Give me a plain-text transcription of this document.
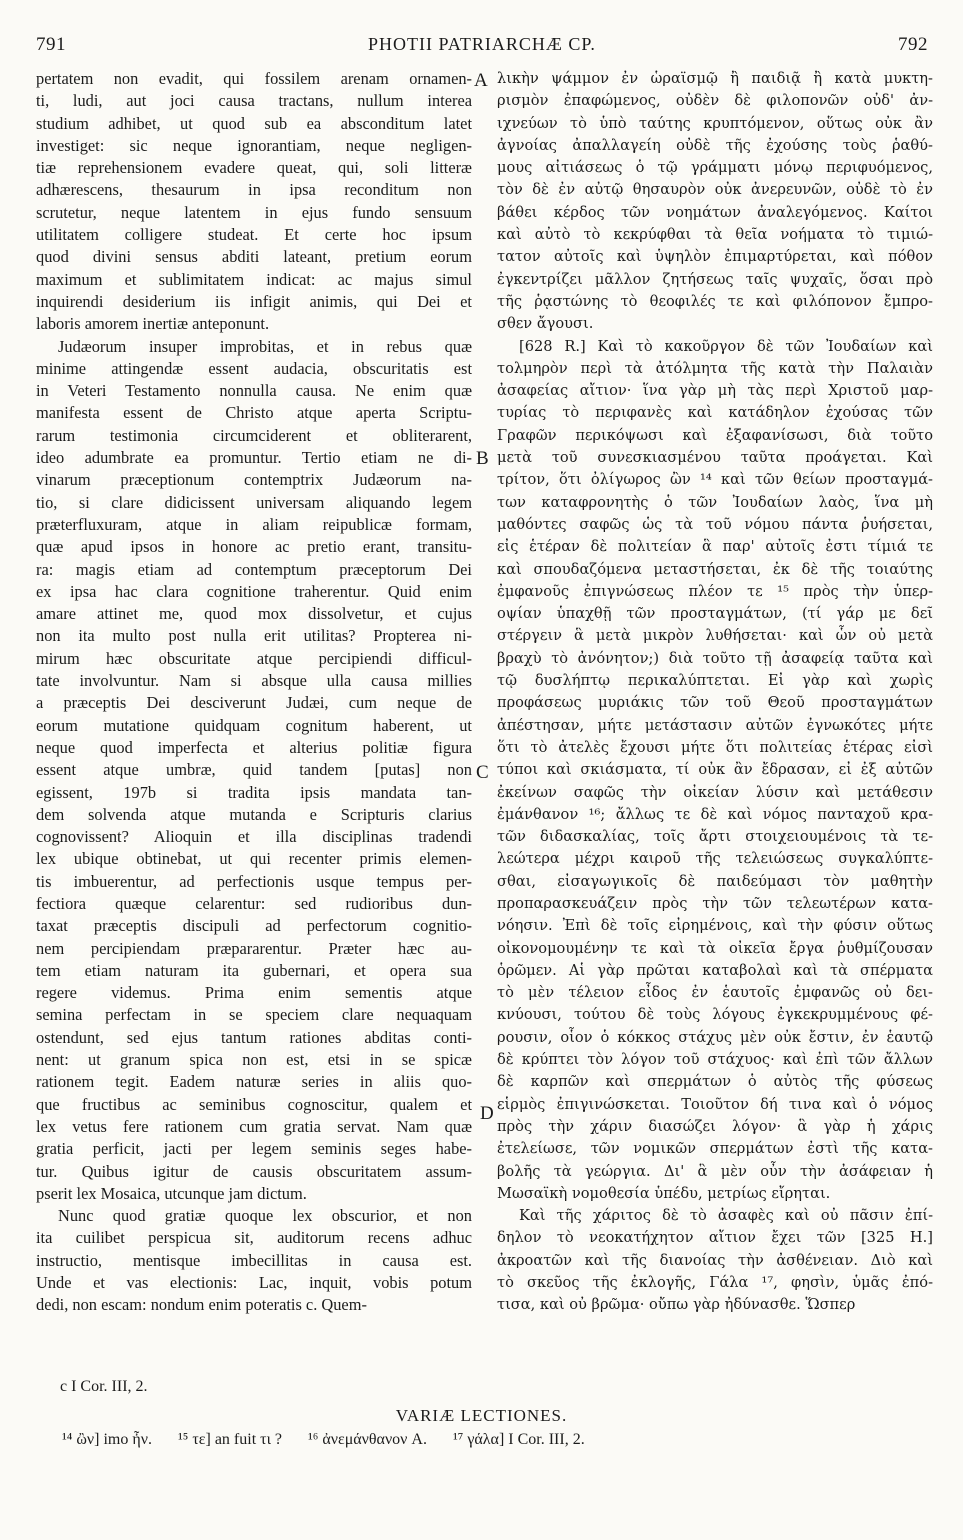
791	PHOTII PATRIARCHÆ CP.	792
pertatem non evadit, qui fossilem arenam ornamen-
ti, ludi, aut joci causa tractans, nullum interea
studium adhibet, ut quod sub ea absconditum latet
investiget: sic neque ignorantiam, neque negligen-
tiæ reprehensionem evadere queat, qui, soli litteræ
adhærescens, thesaurum in ipsa reconditum non
scrutetur, neque latentem in ejus fundo sensuum
utilitatem colligere studeat. Et certe hoc ipsum
quod divini sensus abditi lateant, pretium eorum
maximum et sublimitatem indicat: ac majus simul
inquirendi desiderium iis infigit animis, qui Dei et
laboris amorem inertiæ anteponunt.
Judæorum insuper improbitas, et in rebus quæ
minime attingendæ essent audacia, obscuritatis est
in Veteri Testamento nonnulla causa. Ne enim quæ
manifesta essent de Christo atque aperta Scriptu-
rarum testimonia circumciderent et obliterarent,
ideo adumbrate ea promuntur. Tertio etiam ne di-
vinarum præceptionum contemptrix Judæorum na-
tio, si clare didicissent universam aliquando legem
præterfluxuram, atque in aliam reipublicæ formam,
quæ apud ipsos in honore ac pretio erant, transitu-
ra: magis etiam ad contemptum præceptorum Dei
ex ipsa hac clara cognitione traherentur. Quid enim
amare attinet me, quod mox dissolvetur, et cujus
non ita multo post nulla erit utilitas? Propterea ni-
mirum hæc obscuritate atque percipiendi difficul-
tate involvuntur. Nam si absque ulla causa millies
a præceptis Dei desciverunt Judæi, cum neque de
eorum mutatione quidquam cognitum haberent, ut
neque quod imperfecta et alterius politiæ figura
essent atque umbræ, quid tandem [putas] non
egissent, 197b si tradita ipsis mandata tan-
dem solvenda atque mutanda e Scripturis clarius
cognovissent? Alioquin et illa disciplinas tradendi
lex ubique obtinebat, ut qui recenter primis elemen-
tis imbuerentur, ad perfectionis usque tempus per-
fectiora quæque celarentur: sed rudioribus dun-
taxat præceptis discipuli ad perfectorum cognitio-
nem percipiendam præpararentur. Præter hæc au-
tem etiam naturam ita gubernari, et opera sua
regere videmus. Prima enim sementis atque
semina perfectam in se speciem clare nequaquam
ostendunt, sed ejus tantum rationes abditas conti-
nent: ut granum spica non est, etsi in se spicæ
rationem tegit. Eadem naturæ series in aliis quo-
que fructibus ac seminibus cognoscitur, qualem et
lex vetus fere rationem cum gratia servat. Nam quæ
gratia perficit, jacti per legem seminis seges habe-
tur. Quibus igitur de causis obscuritatem assum-
pserit lex Mosaica, utcunque jam dictum.
Nunc quod gratiæ quoque lex obscurior, et non
ita cuilibet perspicua sit, auditorum recens adhuc
instructio, mentisque imbecillitas in causa est.
Unde et vas electionis: Lac, inquit, vobis potum
dedi, non escam: nondum enim poteratis c. Quem-
λικὴν ψάμμον ἐν ὡραϊσμῷ ἢ παιδιᾷ ἢ κατὰ μυκτη-
ρισμὸν ἐπαφώμενος, οὐδὲν δὲ φιλοπονῶν οὐδ' ἀν-
ιχνεύων τὸ ὑπὸ ταύτης κρυπτόμενον, οὕτως οὐκ ἂν
ἀγνοίας ἀπαλλαγείη οὐδὲ τῆς ἐχούσης τοὺς ῥαθύ-
μους αἰτιάσεως ὁ τῷ γράμματι μόνῳ περιφυόμενος,
τὸν δὲ ἐν αὐτῷ θησαυρὸν οὐκ ἀνερευνῶν, οὐδὲ τὸ ἐν
βάθει κέρδος τῶν νοημάτων ἀναλεγόμενος. Καίτοι
καὶ αὐτὸ τὸ κεκρύφθαι τὰ θεῖα νοήματα τὸ τιμιώ-
τατον αὐτοῖς καὶ ὑψηλὸν ἐπιμαρτύρεται, καὶ πόθον
ἐγκεντρίζει μᾶλλον ζητήσεως ταῖς ψυχαῖς, ὅσαι πρὸ
τῆς ῥᾳστώνης τὸ θεοφιλές τε καὶ φιλόπονον ἔμπρο-
σθεν ἄγουσι.
[628 R.] Καὶ τὸ κακοῦργον δὲ τῶν Ἰουδαίων καὶ
τολμηρὸν περὶ τὰ ἀτόλμητα τῆς κατὰ τὴν Παλαιὰν
ἀσαφείας αἴτιον· ἵνα γὰρ μὴ τὰς περὶ Χριστοῦ μαρ-
τυρίας τὸ περιφανὲς καὶ κατάδηλον ἐχούσας τῶν
Γραφῶν περικόψωσι καὶ ἐξαφανίσωσι, διὰ τοῦτο
μετὰ τοῦ συνεσκιασμένου ταῦτα προάγεται. Καὶ
τρίτον, ὅτι ὀλίγωρος ὢν ¹⁴ καὶ τῶν θείων προσταγμά-
των καταφρονητὴς ὁ τῶν Ἰουδαίων λαὸς, ἵνα μὴ
μαθόντες σαφῶς ὡς τὰ τοῦ νόμου πάντα ῥυήσεται,
εἰς ἑτέραν δὲ πολιτείαν ἃ παρ' αὐτοῖς ἐστι τίμιά τε
καὶ σπουδαζόμενα μεταστήσεται, ἐκ δὲ τῆς τοιαύτης
ἐμφανοῦς ἐπιγνώσεως πλέον τε ¹⁵ πρὸς τὴν ὑπερ-
οψίαν ὑπαχθῇ τῶν προσταγμάτων, (τί γάρ με δεῖ
στέργειν ἃ μετὰ μικρὸν λυθήσεται· καὶ ὧν οὐ μετὰ
βραχὺ τὸ ἀνόνητον;) διὰ τοῦτο τῇ ἀσαφείᾳ ταῦτα καὶ
τῷ δυσλήπτῳ περικαλύπτεται. Εἰ γὰρ καὶ χωρὶς
προφάσεως μυριάκις τῶν τοῦ Θεοῦ προσταγμάτων
ἀπέστησαν, μήτε μετάστασιν αὐτῶν ἐγνωκότες μήτε
ὅτι τὸ ἀτελὲς ἔχουσι μήτε ὅτι πολιτείας ἑτέρας εἰσὶ
τύποι καὶ σκιάσματα, τί οὐκ ἂν ἔδρασαν, εἰ ἐξ αὐτῶν
ἐκείνων σαφῶς τὴν οἰκείαν λύσιν καὶ μετάθεσιν
ἐμάνθανον ¹⁶; ἄλλως τε δὲ καὶ νόμος πανταχοῦ κρα-
τῶν διδασκαλίας, τοῖς ἄρτι στοιχειουμένοις τὰ τε-
λεώτερα μέχρι καιροῦ τῆς τελειώσεως συγκαλύπτε-
σθαι, εἰσαγωγικοῖς δὲ παιδεύμασι τὸν μαθητὴν
προπαρασκευάζειν πρὸς τὴν τῶν τελεωτέρων κατα-
νόησιν. Ἐπὶ δὲ τοῖς εἰρημένοις, καὶ τὴν φύσιν οὕτως
οἰκονομουμένην τε καὶ τὰ οἰκεῖα ἔργα ῥυθμίζουσαν
ὁρῶμεν. Αἱ γὰρ πρῶται καταβολαὶ καὶ τὰ σπέρματα
τὸ μὲν τέλειον εἶδος ἐν ἑαυτοῖς ἐμφανῶς οὐ δει-
κνύουσι, τούτου δὲ τοὺς λόγους ἐγκεκρυμμένους φέ-
ρουσιν, οἷον ὁ κόκκος στάχυς μὲν οὐκ ἔστιν, ἐν ἑαυτῷ
δὲ κρύπτει τὸν λόγον τοῦ στάχυος· καὶ ἐπὶ τῶν ἄλλων
δὲ καρπῶν καὶ σπερμάτων ὁ αὐτὸς τῆς φύσεως
εἱρμὸς ἐπιγινώσκεται. Τοιοῦτον δή τινα καὶ ὁ νόμος
πρὸς τὴν χάριν διασώζει λόγον· ἃ γὰρ ἡ χάρις
ἐτελείωσε, τῶν νομικῶν σπερμάτων ἐστὶ τῆς κατα-
βολῆς τὰ γεώργια. Δι' ἃ μὲν οὖν τὴν ἀσάφειαν ἡ
Μωσαϊκὴ νομοθεσία ὑπέδυ, μετρίως εἴρηται.
Καὶ τῆς χάριτος δὲ τὸ ἀσαφὲς καὶ οὐ πᾶσιν ἐπί-
δηλον τὸ νεοκατήχητον αἴτιον ἔχει τῶν [325 H.]
ἀκροατῶν καὶ τῆς διανοίας τὴν ἀσθένειαν. Διὸ καὶ
τὸ σκεῦος τῆς ἐκλογῆς, Γάλα ¹⁷, φησὶν, ὑμᾶς ἐπό-
τισα, καὶ οὐ βρῶμα· οὔπω γὰρ ἠδύνασθε. Ὥσπερ
A
B
C
D
c I Cor. III, 2.
VARIÆ LECTIONES.
¹⁴ ὢν] imo ἦν. ¹⁵ τε] an fuit τι ? ¹⁶ ἀνεμάνθανον A. ¹⁷ γάλα] I Cor. III, 2.
